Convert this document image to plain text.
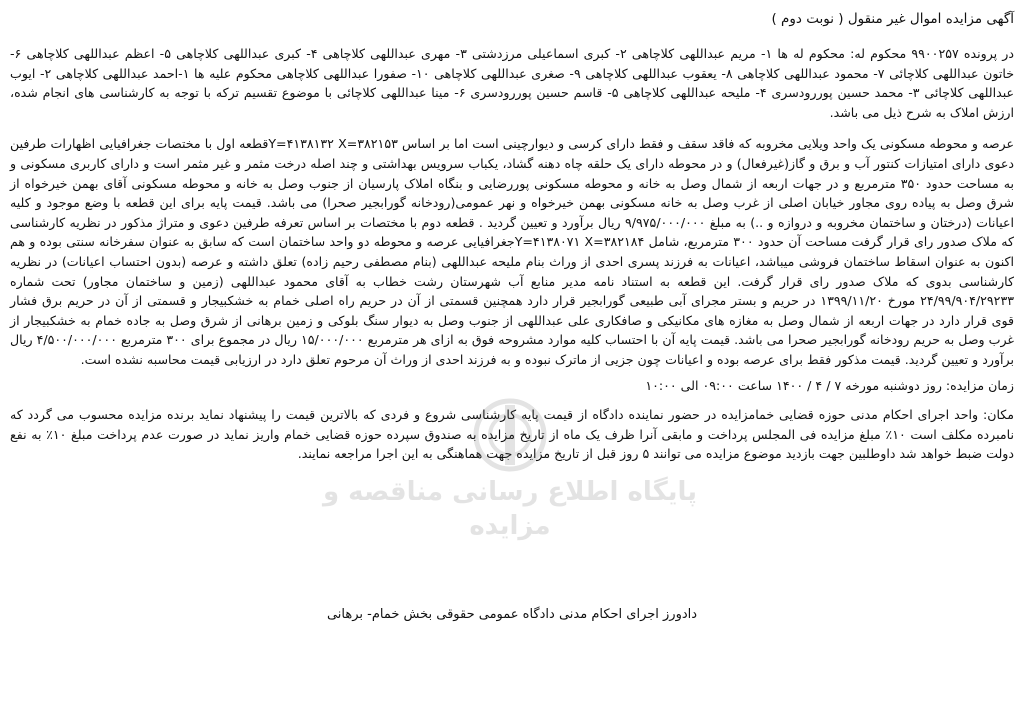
آگهی مزایده اموال غیر منقول ( نوبت دوم )

در پرونده ۹۹۰۰۲۵۷ محکوم له: محکوم له ها ۱- مریم عبداللهی کلاچاهی ۲- کبری اسماعیلی مرزدشتی ۳- مهری عبداللهی کلاچاهی ۴- کبری عبداللهی کلاچاهی ۵- اعظم عبداللهی کلاچاهی ۶- خاتون عبداللهی کلاچائی ۷- محمود عبداللهی کلاچاهی ۸- یعقوب عبداللهی کلاچاهی ۹- صغری عبداللهی کلاچاهی ۱۰- صفورا عبداللهی کلاچاهی محکوم علیه ها ۱-احمد عبداللهی کلاچاهی ۲- ایوب عبداللهی کلاچائی ۳- محمد حسین پوررودسری ۴- ملیحه عبداللهی کلاچاهی ۵- قاسم حسین پوررودسری ۶- مینا عبداللهی کلاچائی با موضوع تقسیم ترکه با توجه به کارشناسی های انجام شده، ارزش املاک به شرح ذیل می باشد.

عرصه و محوطه مسکونی یک واحد ویلایی مخروبه که فاقد سقف و فقط دارای کرسی و دیوارچینی است اما بر اساس Y=۴۱۳۸۱۳۲ X=۳۸۲۱۵۳قطعه اول با مختصات جغرافیایی اظهارات طرفین دعوی دارای امتیازات کنتور آب و برق و گاز(غیرفعال) و در محوطه دارای یک حلقه چاه دهنه گشاد، یکباب سرویس بهداشتی و چند اصله درخت مثمر و غیر مثمر است و دارای کاربری مسکونی و به مساحت حدود ۳۵۰ مترمربع و در جهات اربعه از شمال وصل به خانه و محوطه مسکونی پوررضایی و بنگاه املاک پارسیان از جنوب وصل به خانه و محوطه مسکونی آقای بهمن خیرخواه از شرق وصل به پیاده روی مجاور خیابان اصلی از غرب وصل به خانه مسکونی بهمن خیرخواه و نهر عمومی(رودخانه گورابجیر صحرا) می باشد. قیمت پایه برای این قطعه با وضع موجود و کلیه اعیانات (درختان و ساختمان مخروبه و دروازه و ..) به مبلغ ۹/۹۷۵/۰۰۰/۰۰۰ ریال برآورد و تعیین گردید . قطعه دوم با مختصات بر اساس تعرفه طرفین دعوی و متراژ مذکور در نظریه کارشناسی که ملاک صدور رای قرار گرفت مساحت آن حدود ۳۰۰ مترمربع، شامل Y=۴۱۳۸۰۷۱ X=۳۸۲۱۸۴جغرافیایی عرصه و محوطه دو واحد ساختمان است که سابق به عنوان سفرخانه سنتی بوده و هم اکنون به عنوان اسقاط ساختمان فروشی میباشد، اعیانات به فرزند پسری احدی از وراث بنام ملیحه عبداللهی (بنام مصطفی رحیم زاده) تعلق داشته و عرصه (بدون احتساب اعیانات) در نظریه کارشناسی بدوی که ملاک صدور رای قرار گرفت. این قطعه به استناد نامه مدیر منابع آب شهرستان رشت خطاب به آقای محمود عبداللهی (زمین و ساختمان مجاور) تحت شماره ۲۴/۹۹/۹۰۴/۲۹۲۳۳ مورخ ۱۳۹۹/۱۱/۲۰ در حریم و بستر مجرای آبی طبیعی گورابجیر قرار دارد همچنین قسمتی از آن در حریم راه اصلی خمام به خشکبیجار و قسمتی از آن در حریم برق فشار قوی قرار دارد در جهات اربعه از شمال وصل به مغازه های مکانیکی و صافکاری علی عبداللهی از جنوب وصل به دیوار سنگ بلوکی و زمین برهانی از شرق وصل به جاده خمام به خشکبیجار از غرب وصل به حریم رودخانه گورابجیر صحرا می باشد. قیمت پایه آن با احتساب کلیه موارد مشروحه فوق به ازای هر مترمربع ۱۵/۰۰۰/۰۰۰ ریال در مجموع برای ۳۰۰ مترمربع ۴/۵۰۰/۰۰۰/۰۰۰ ریال برآورد و تعیین گردید. قیمت مذکور فقط برای عرصه بوده و اعیانات چون جزیی از ماترک نبوده و به فرزند احدی از وراث آن مرحوم تعلق دارد در ارزیابی قیمت محاسبه نشده است.

زمان مزایده: روز دوشنبه مورخه ۷ / ۴ / ۱۴۰۰ ساعت ۰۹:۰۰ الی ۱۰:۰۰

مکان: واحد اجرای احکام مدنی حوزه قضایی خمامزایده در حضور نماینده دادگاه از قیمت پایه کارشناسی شروع و فردی که بالاترین قیمت را پیشنهاد نماید برنده مزایده محسوب می گردد که نامبرده مکلف است ۱۰٪ مبلغ مزایده فی المجلس پرداخت و مابقی آنرا ظرف یک ماه از تاریخ مزایده به صندوق سپرده حوزه قضایی خمام واریز نماید در صورت عدم پرداخت مبلغ ۱۰٪ به نفع دولت ضبط خواهد شد داوطلبین جهت بازدید موضوع مزایده می توانند ۵ روز قبل از تاریخ مزایده جهت هماهنگی به این اجرا مراجعه نمایند.

پایگاه اطلاع رسانی مناقصه و مزایده
دادورز اجرای احکام مدنی دادگاه عمومی حقوقی بخش خمام- برهانی
